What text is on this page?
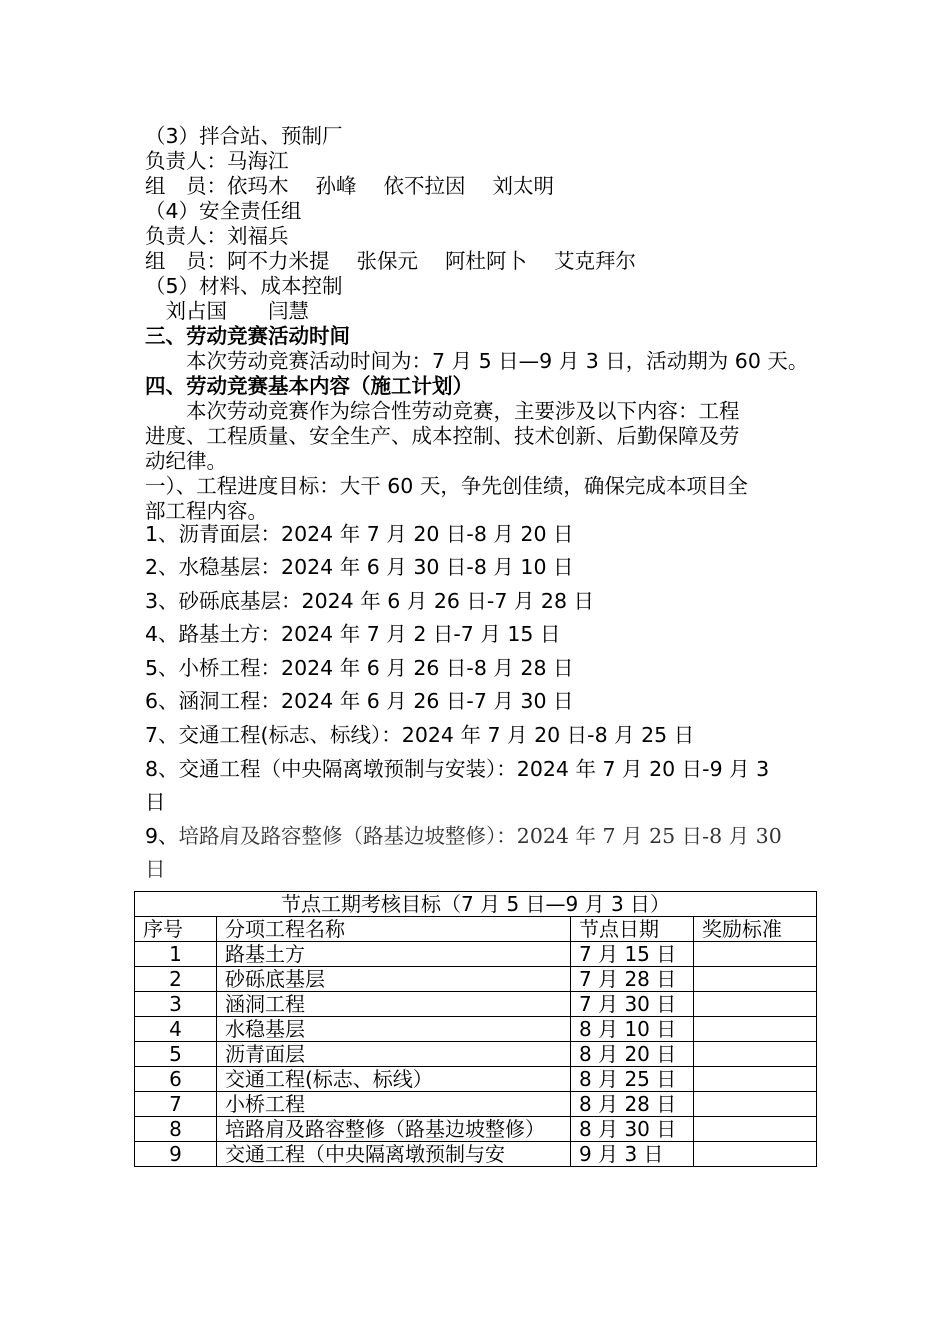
（3）拌合站、预制厂
负责人：马海江
组　员：依玛木　 孙峰　 依不拉因　 刘太明
（4）安全责任组
负责人：刘福兵
组　员：阿不力米提　 张保元　 阿杜阿卜　 艾克拜尔
（5）材料、成本控制
　刘占国　　闫慧
三、劳动竞赛活动时间
　　本次劳动竞赛活动时间为：7 月 5 日—9 月 3 日，活动期为 60 天。
四、劳动竞赛基本内容（施工计划）
　　本次劳动竞赛作为综合性劳动竞赛，主要涉及以下内容：工程
进度、工程质量、安全生产、成本控制、技术创新、后勤保障及劳
动纪律。
一）、工程进度目标：大干 60 天，争先创佳绩，确保完成本项目全
部工程内容。
1、沥青面层：2024 年 7 月 20 日-8 月 20 日
2、水稳基层：2024 年 6 月 30 日-8 月 10 日
3、砂砾底基层：2024 年 6 月 26 日-7 月 28 日
4、路基土方：2024 年 7 月 2 日-7 月 15 日
5、小桥工程：2024 年 6 月 26 日-8 月 28 日
6、涵洞工程：2024 年 6 月 26 日-7 月 30 日
7、交通工程(标志、标线）：2024 年 7 月 20 日-8 月 25 日
8、交通工程（中央隔离墩预制与安装）：2024 年 7 月 20 日-9 月 3
日
9、培路肩及路容整修（路基边坡整修）：2024 年 7 月 25 日-8 月 30
日
节点工期考核目标（7 月 5 日—9 月 3 日）			
序号	分项工程名称	节点日期	奖励标准
1	路基土方	7 月 15 日	
2	砂砾底基层	7 月 28 日	
3	涵洞工程	7 月 30 日	
4	水稳基层	8 月 10 日	
5	沥青面层	8 月 20 日	
6	交通工程(标志、标线）	8 月 25 日	
7	小桥工程	8 月 28 日	
8	培路肩及路容整修（路基边坡整修）	8 月 30 日	
9	交通工程（中央隔离墩预制与安	9 月 3 日	
